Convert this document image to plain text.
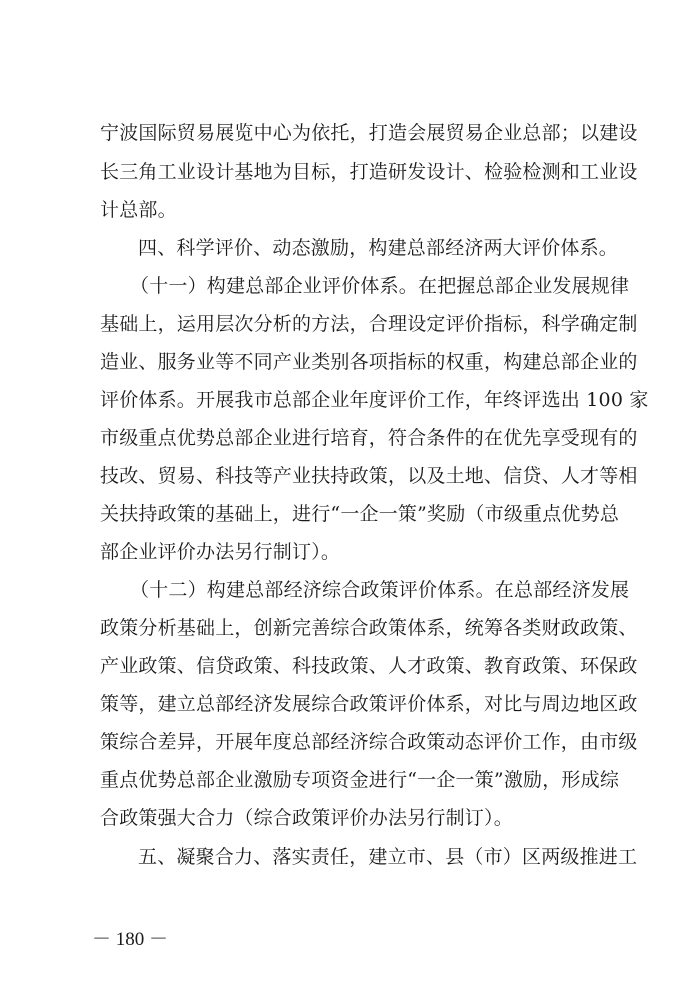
宁波国际贸易展览中心为依托，打造会展贸易企业总部；以建设
长三角工业设计基地为目标，打造研发设计、检验检测和工业设
计总部。
四、科学评价、动态激励，构建总部经济两大评价体系。
（十一）构建总部企业评价体系。在把握总部企业发展规律
基础上，运用层次分析的方法，合理设定评价指标，科学确定制
造业、服务业等不同产业类别各项指标的权重，构建总部企业的
评价体系。开展我市总部企业年度评价工作，年终评选出 100 家
市级重点优势总部企业进行培育，符合条件的在优先享受现有的
技改、贸易、科技等产业扶持政策，以及土地、信贷、人才等相
关扶持政策的基础上，进行“一企一策”奖励（市级重点优势总
部企业评价办法另行制订）。
（十二）构建总部经济综合政策评价体系。在总部经济发展
政策分析基础上，创新完善综合政策体系，统筹各类财政政策、
产业政策、信贷政策、科技政策、人才政策、教育政策、环保政
策等，建立总部经济发展综合政策评价体系，对比与周边地区政
策综合差异，开展年度总部经济综合政策动态评价工作，由市级
重点优势总部企业激励专项资金进行“一企一策”激励，形成综
合政策强大合力（综合政策评价办法另行制订）。
五、凝聚合力、落实责任，建立市、县（市）区两级推进工
－ 180 －
